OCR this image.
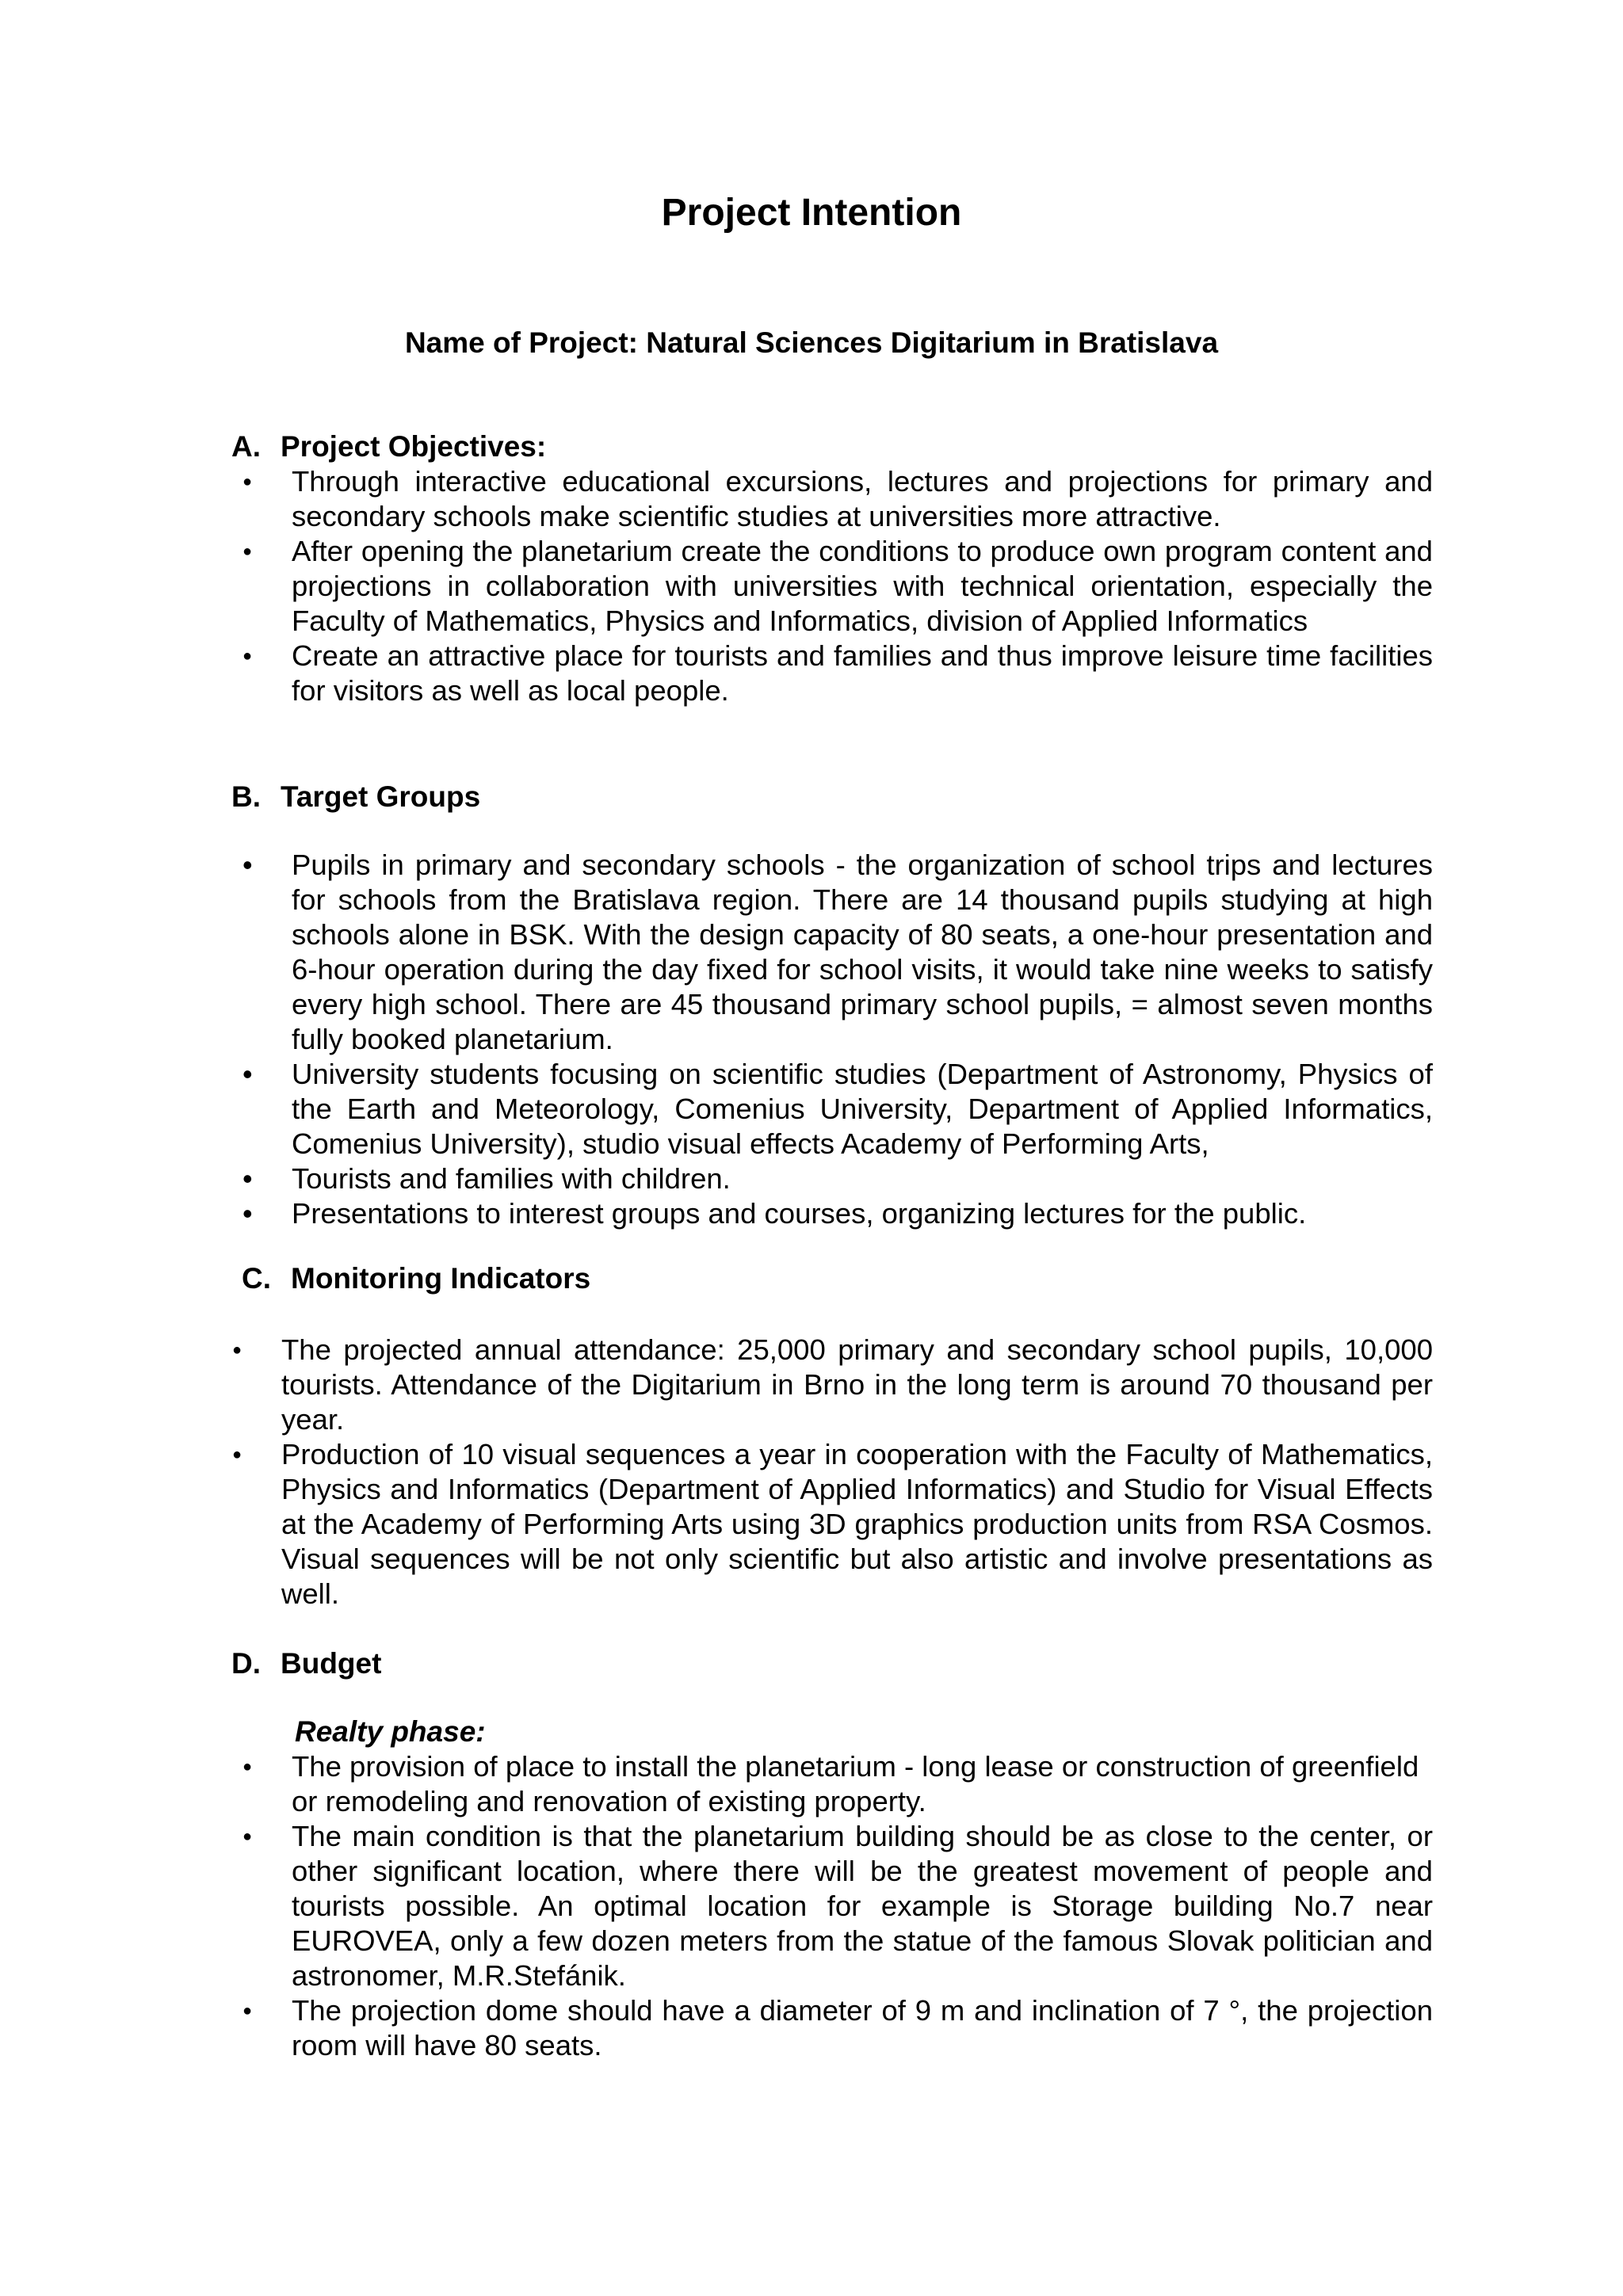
Project Intention
Name of Project: Natural Sciences Digitarium in Bratislava
A. Project Objectives:
●
Through interactive educational excursions, lectures and projections for primary and secondary schools make scientific studies at universities more attractive.
●
After opening the planetarium create the conditions to produce own program content and projections in collaboration with universities with technical orientation, especially the Faculty of Mathematics, Physics and Informatics, division of Applied Informatics
●
Create an attractive place for tourists and families and thus improve leisure time facilities for visitors as well as local people.
B. Target Groups
•
Pupils in primary and secondary schools - the organization of school trips and lectures for schools from the Bratislava region. There are 14 thousand pupils studying at high schools alone in BSK. With the design capacity of 80 seats, a one-hour presentation and 6-hour operation during the day fixed for school visits, it would take nine weeks to satisfy every high school. There are 45 thousand primary school pupils, = almost seven months fully booked planetarium.
•
University students focusing on scientific studies (Department of Astronomy, Physics of the Earth and Meteorology, Comenius University, Department of Applied Informatics, Comenius University), studio visual effects Academy of Performing Arts,
•
Tourists and families with children.
•
Presentations to interest groups and courses, organizing lectures for the public.
C. Monitoring Indicators
●
The projected annual attendance: 25,000 primary and secondary school pupils, 10,000 tourists. Attendance of the Digitarium in Brno in the long term is around 70 thousand per year.
●
Production of 10 visual sequences a year in cooperation with the Faculty of Mathematics, Physics and Informatics (Department of Applied Informatics) and Studio for Visual Effects at the Academy of Performing Arts using 3D graphics production units from RSA Cosmos. Visual sequences will be not only scientific but also artistic and involve presentations as well.
D. Budget
Realty phase:
●
The provision of place to install the planetarium - long lease or construction of greenfield or remodeling and renovation of existing property.
●
The main condition is that the planetarium building should be as close to the center, or other significant location, where there will be the greatest movement of people and tourists possible. An optimal location for example is Storage building No.7 near EUROVEA, only a few dozen meters from the statue of the famous Slovak politician and astronomer, M.R.Stefánik.
●
The projection dome should have a diameter of 9 m and inclination of 7 °, the projection room will have 80 seats.
